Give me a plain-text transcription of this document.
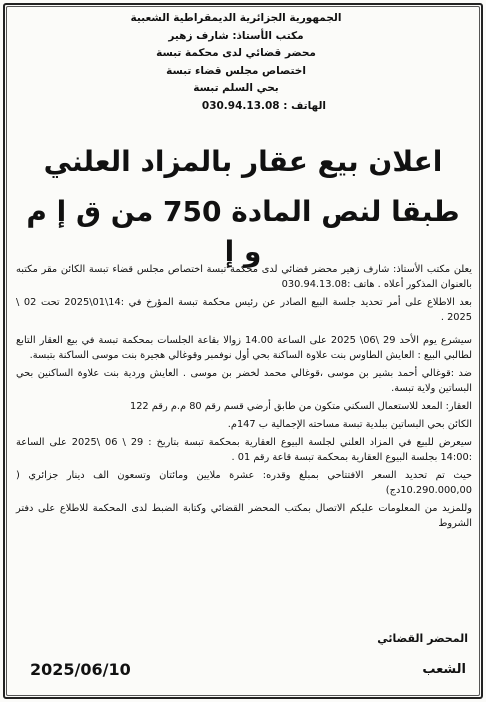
الجمهورية الجزائرية الديمقراطية الشعبية
مكتب الأستاذ: شارف زهير
محضر قضائي لدى محكمة تبسة
اختصاص مجلس قضاء تبسة
بحي السلم تبسة
الهاتف : 030.94.13.08
اعلان بيع عقار بالمزاد العلني
طبقا لنص المادة 750 من ق إ م و إ

يعلن مكتب الأستاذ: شارف زهير محضر قضائي لدى محكمة تبسة اختصاص مجلس قضاء تبسة الكائن مقر مكتبه بالعنوان المذكور أعلاه . هاتف :030.94.13.08

بعد الاطلاع على أمر تحديد جلسة البيع الصادر عن رئيس محكمة تبسة المؤرخ في :14\01\2025 تحت 02 \ 2025 .

سيشرع يوم الأحد 29 \06\ 2025 على الساعة 14.00 زوالا بقاعة الجلسات بمحكمة تبسة في بيع العقار التابع لطالبي البيع : العايش الطاوس بنت علاوة الساكنة بحي أول نوفمبر وقوغالي هجيرة بنت موسى الساكنة بتبسة.

ضد :قوغالي أحمد بشير بن موسى ،قوغالي محمد لخضر بن موسى . العايش وردية بنت علاوة الساكنين بحي البساتين ولاية تبسة.

العقار: المعد للاستعمال السكني متكون من طابق أرضي قسم رقم 80 م.م رقم 122

الكائن بحي البساتين ببلدية تبسة مساحته الإجمالية ب 147م.

سيعرض للبيع في المزاد العلني لجلسة البيوع العقارية بمحكمة تبسة بتاريخ : 29 \ 06 \2025 على الساعة :14:00 بجلسة البيوع العقارية بمحكمة تبسة قاعة رقم 01 .

حيث تم تحديد السعر الافتتاحي بمبلغ وقدره: عشرة ملايين ومائتان وتسعون الف دينار جزائري ( 10.290.000,00دج)

وللمزيد من المعلومات عليكم الاتصال بمكتب المحضر القضائي وكتابة الضبط لدى المحكمة للاطلاع على دفتر الشروط

المحضر القضائي
الشعب
2025/06/10
